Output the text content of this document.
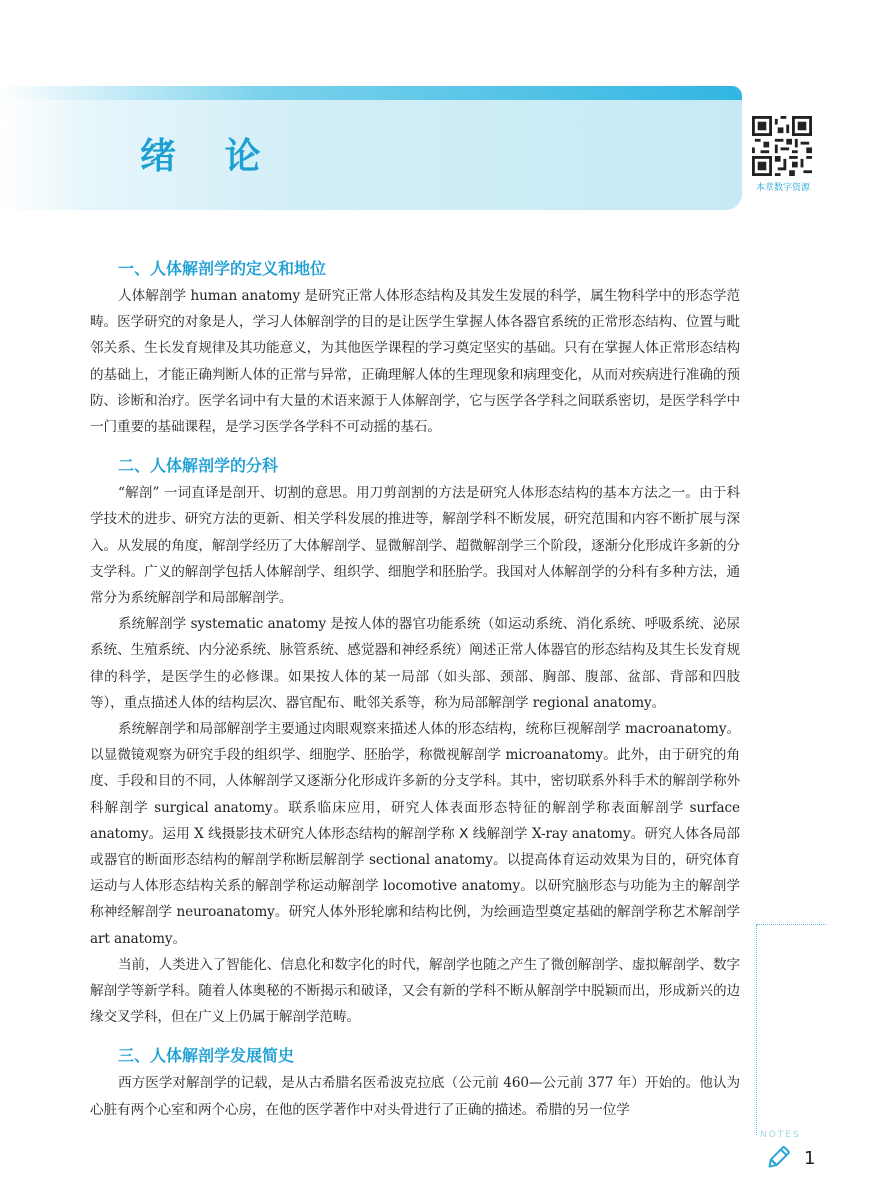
绪 论
本章数字资源
一、人体解剖学的定义和地位

人体解剖学 human anatomy 是研究正常人体形态结构及其发生发展的科学，属生物科学中的形态学范畴。医学研究的对象是人，学习人体解剖学的目的是让医学生掌握人体各器官系统的正常形态结构、位置与毗邻关系、生长发育规律及其功能意义，为其他医学课程的学习奠定坚实的基础。只有在掌握人体正常形态结构的基础上，才能正确判断人体的正常与异常，正确理解人体的生理现象和病理变化，从而对疾病进行准确的预防、诊断和治疗。医学名词中有大量的术语来源于人体解剖学，它与医学各学科之间联系密切，是医学科学中一门重要的基础课程，是学习医学各学科不可动摇的基石。

二、人体解剖学的分科

“解剖” 一词直译是剖开、切割的意思。用刀剪剖割的方法是研究人体形态结构的基本方法之一。由于科学技术的进步、研究方法的更新、相关学科发展的推进等，解剖学科不断发展，研究范围和内容不断扩展与深入。从发展的角度，解剖学经历了大体解剖学、显微解剖学、超微解剖学三个阶段，逐渐分化形成许多新的分支学科。广义的解剖学包括人体解剖学、组织学、细胞学和胚胎学。我国对人体解剖学的分科有多种方法，通常分为系统解剖学和局部解剖学。

系统解剖学 systematic anatomy 是按人体的器官功能系统（如运动系统、消化系统、呼吸系统、泌尿系统、生殖系统、内分泌系统、脉管系统、感觉器和神经系统）阐述正常人体器官的形态结构及其生长发育规律的科学，是医学生的必修课。如果按人体的某一局部（如头部、颈部、胸部、腹部、盆部、背部和四肢等），重点描述人体的结构层次、器官配布、毗邻关系等，称为局部解剖学 regional anatomy。

系统解剖学和局部解剖学主要通过肉眼观察来描述人体的形态结构，统称巨视解剖学 macroanatomy。以显微镜观察为研究手段的组织学、细胞学、胚胎学，称微视解剖学 microanatomy。此外，由于研究的角度、手段和目的不同，人体解剖学又逐渐分化形成许多新的分支学科。其中，密切联系外科手术的解剖学称外科解剖学 surgical anatomy。联系临床应用，研究人体表面形态特征的解剖学称表面解剖学 surface anatomy。运用 X 线摄影技术研究人体形态结构的解剖学称 X 线解剖学 X-ray anatomy。研究人体各局部或器官的断面形态结构的解剖学称断层解剖学 sectional anatomy。以提高体育运动效果为目的，研究体育运动与人体形态结构关系的解剖学称运动解剖学 locomotive anatomy。以研究脑形态与功能为主的解剖学称神经解剖学 neuroanatomy。研究人体外形轮廓和结构比例，为绘画造型奠定基础的解剖学称艺术解剖学 art anatomy。

当前，人类进入了智能化、信息化和数字化的时代，解剖学也随之产生了微创解剖学、虚拟解剖学、数字解剖学等新学科。随着人体奥秘的不断揭示和破译，又会有新的学科不断从解剖学中脱颖而出，形成新兴的边缘交叉学科，但在广义上仍属于解剖学范畴。

三、人体解剖学发展简史

西方医学对解剖学的记载，是从古希腊名医希波克拉底（公元前 460—公元前 377 年）开始的。他认为心脏有两个心室和两个心房，在他的医学著作中对头骨进行了正确的描述。希腊的另一位学

NOTES
1
